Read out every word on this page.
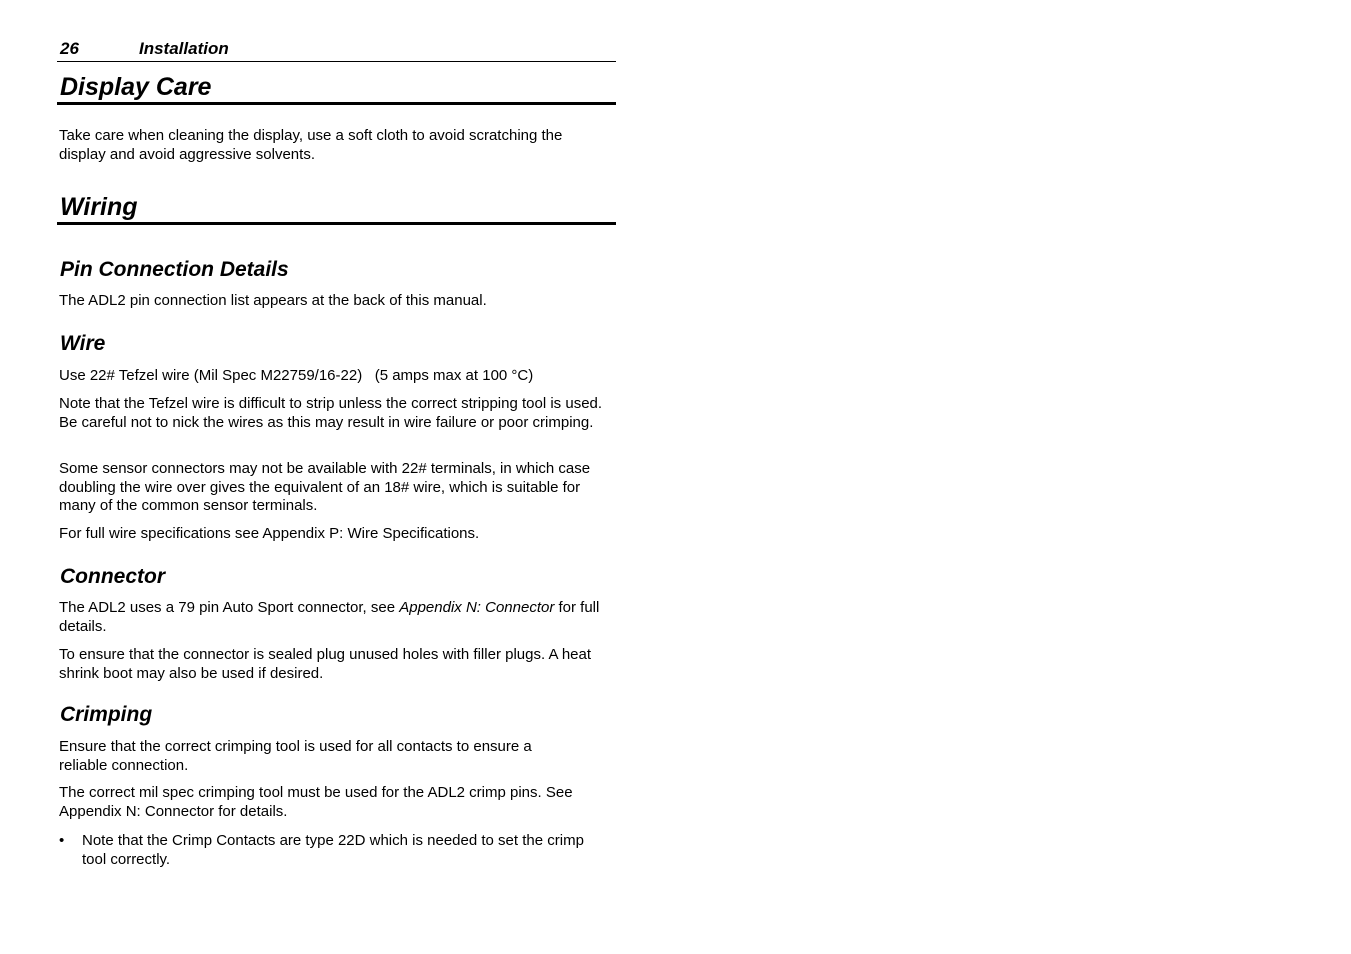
26	Installation
Display Care
Take care when cleaning the display, use a soft cloth to avoid scratching the display and avoid aggressive solvents.
Wiring
Pin Connection Details
The ADL2 pin connection list appears at the back of this manual.
Wire
Use 22# Tefzel wire (Mil Spec M22759/16-22)   (5 amps max at 100 °C)
Note that the Tefzel wire is difficult to strip unless the correct stripping tool is used. Be careful not to nick the wires as this may result in wire failure or poor crimping.
Some sensor connectors may not be available with 22# terminals, in which case doubling the wire over gives the equivalent of an 18# wire, which is suitable for many of the common sensor terminals.
For full wire specifications see Appendix P: Wire Specifications.
Connector
The ADL2 uses a 79 pin Auto Sport connector, see Appendix N: Connector for full details.
To ensure that the connector is sealed plug unused holes with filler plugs. A heat shrink boot may also be used if desired.
Crimping
Ensure that the correct crimping tool is used for all contacts to ensure a reliable connection.
The correct mil spec crimping tool must be used for the ADL2 crimp pins. See Appendix N: Connector for details.
• Note that the Crimp Contacts are type 22D which is needed to set the crimp tool correctly.
